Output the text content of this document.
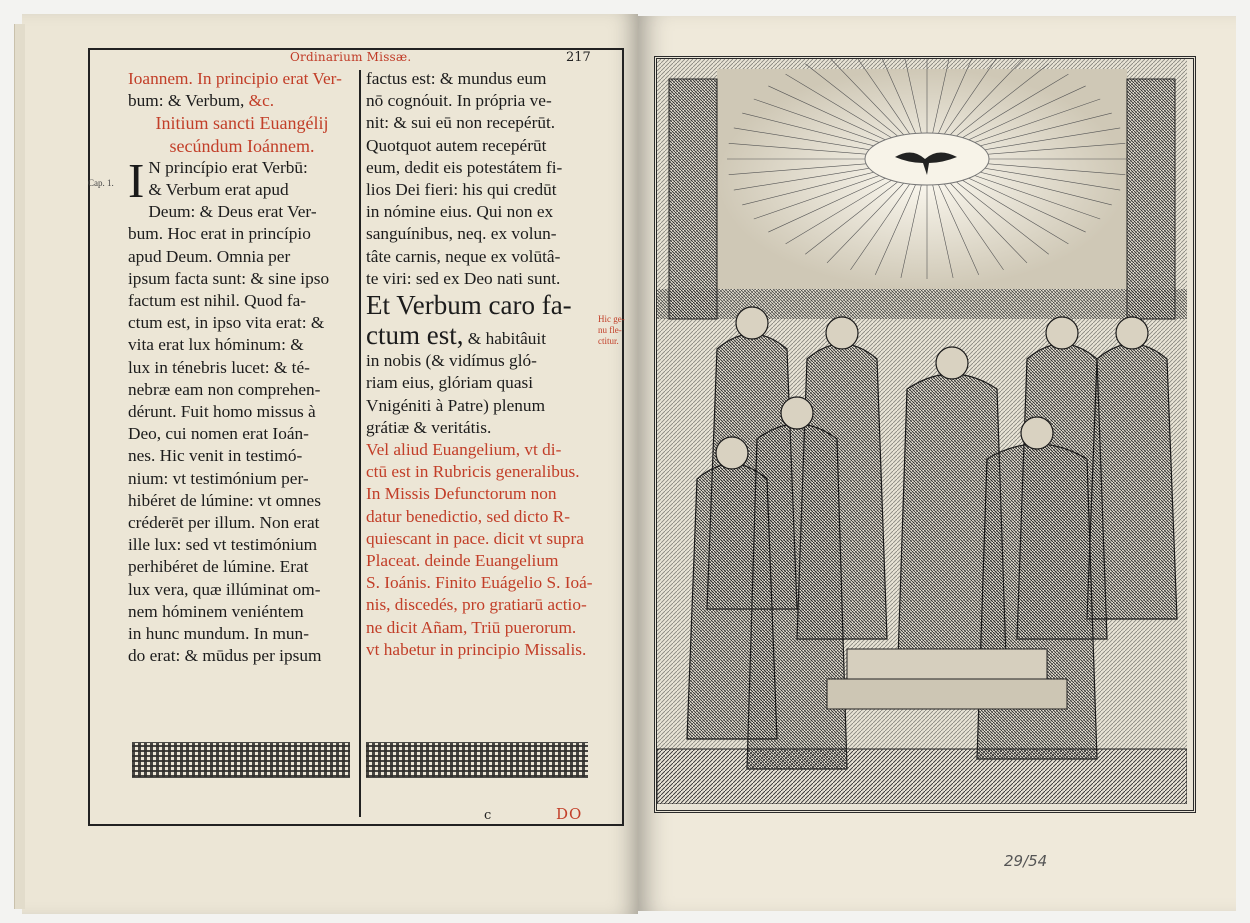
Ordinarium Missæ.	217
Cap. 1.
Hic ge- nu fle- ctitur.
Ioannem. In principio erat Ver-
bum: & Verbum, &c.
Initium sancti Euangélij
secúndum Ioánnem.
I N princípio erat Verbū:
& Verbum erat apud
Deum: & Deus erat Ver-
bum. Hoc erat in princípio
apud Deum. Omnia per
ipsum facta sunt: & sine ipso
factum est nihil. Quod fa-
ctum est, in ipso vita erat: &
vita erat lux hóminum: &
lux in ténebris lucet: & té-
nebræ eam non comprehen-
dérunt. Fuit homo missus à
Deo, cui nomen erat Ioán-
nes. Hic venit in testimó-
nium: vt testimónium per-
hibéret de lúmine: vt omnes
créderēt per illum. Non erat
ille lux: sed vt testimónium
perhibéret de lúmine. Erat
lux vera, quæ illúminat om-
nem hóminem veniéntem
in hunc mundum. In mun-
do erat: & mūdus per ipsum
factus est: & mundus eum
nō cognóuit. In própria ve-
nit: & sui eū non recepérūt.
Quotquot autem recepérūt
eum, dedit eis potestátem fi-
lios Dei fieri: his qui credūt
in nómine eius. Qui non ex
sanguínibus, neq. ex volun-
tâte carnis, neque ex volūtâ-
te viri: sed ex Deo nati sunt.
Et Verbum caro fa-
ctum est, & habitâuit
in nobis (& vidímus gló-
riam eius, glóriam quasi
Vnigéniti à Patre) plenum
grátiæ & veritátis.
Vel aliud Euangelium, vt di-
ctū est in Rubricis generalibus.
In Missis Defunctorum non
datur benedictio, sed dicto R-
quiescant in pace. dicit vt supra
Placeat. deinde Euangelium
S. Ioánis. Finito Euágelio S. Ioá-
nis, discedés, pro gratiarū actio-
ne dicit Añam, Triū puerorum.
vt habetur in principio Missalis.
c	DO
29/54
